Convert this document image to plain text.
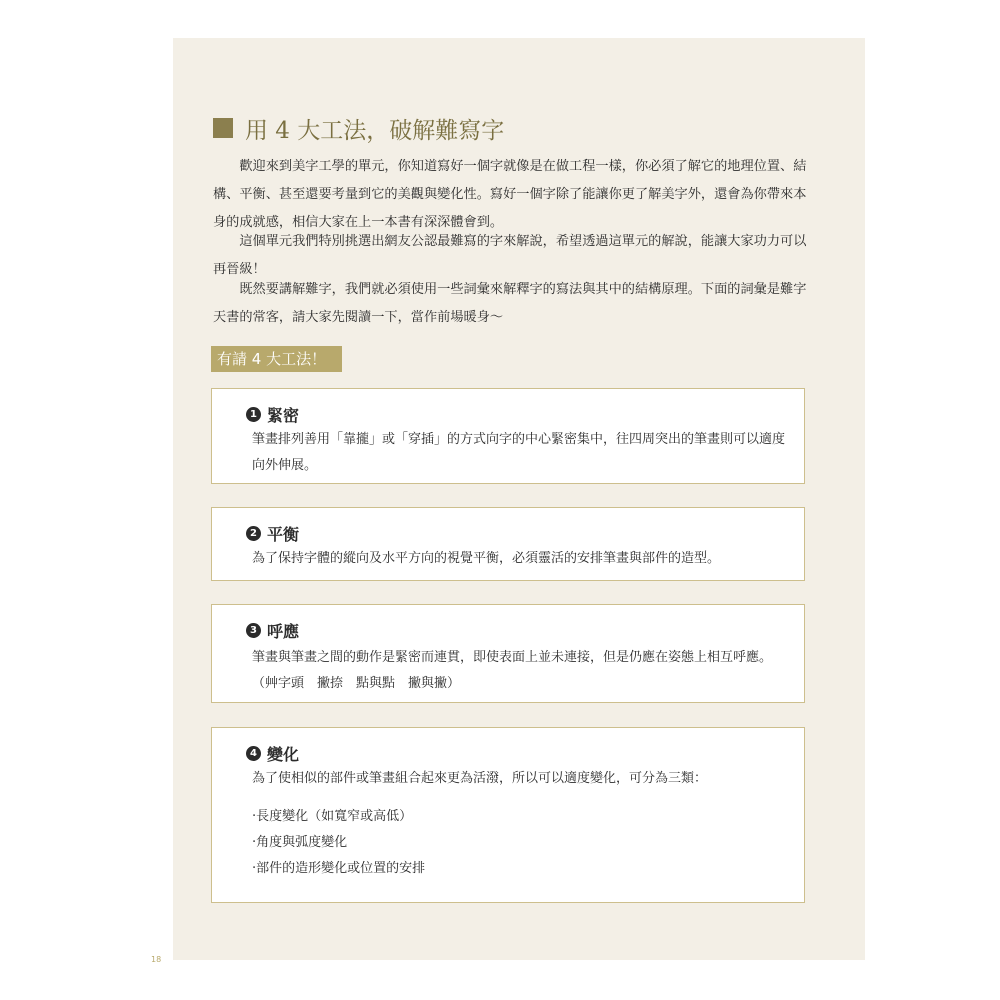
用 4 大工法，破解難寫字

　　歡迎來到美字工學的單元，你知道寫好一個字就像是在做工程一樣，你必須了解它的地理位置、結構、平衡、甚至還要考量到它的美觀與變化性。寫好一個字除了能讓你更了解美字外，還會為你帶來本身的成就感，相信大家在上一本書有深深體會到。

　　這個單元我們特別挑選出網友公認最難寫的字來解說，希望透過這單元的解說，能讓大家功力可以再晉級！

　　既然要講解難字，我們就必須使用一些詞彙來解釋字的寫法與其中的結構原理。下面的詞彙是難字天書的常客，請大家先閱讀一下，當作前場暖身～

有請 4 大工法！
1 緊密

筆畫排列善用「靠攏」或「穿插」的方式向字的中心緊密集中，往四周突出的筆畫則可以適度向外伸展。

2 平衡

為了保持字體的縱向及水平方向的視覺平衡，必須靈活的安排筆畫與部件的造型。

3 呼應

筆畫與筆畫之間的動作是緊密而連貫，即使表面上並未連接，但是仍應在姿態上相互呼應。
（艸字頭　撇捺　點與點　撇與撇）

4 變化

為了使相似的部件或筆畫組合起來更為活潑，所以可以適度變化，可分為三類：

‧長度變化（如寬窄或高低）
‧角度與弧度變化
‧部件的造形變化或位置的安排
18
